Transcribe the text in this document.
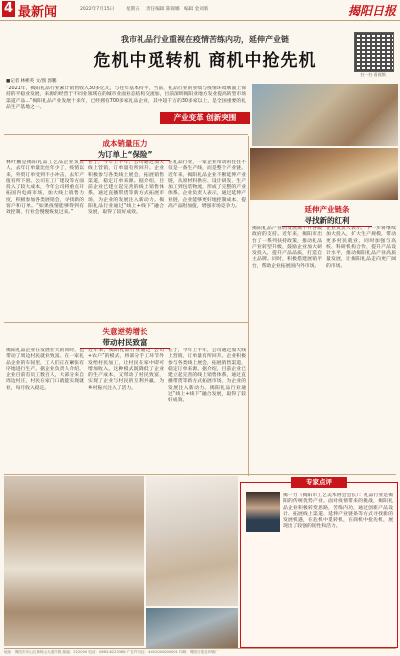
4 最新闻	2022年7月15日	星期五 责任编辑 陈锦娜 编辑 金刘新	揭阳日报
我市礼品行业重视在疫情苦练内功，延伸产业链
危机中觅转机 商机中抢先机
扫一扫 看视频
■记者 林彬英 文/图 郭鹏
“2021年，揭阳礼品行业累计销售收入30多亿元，与往年基本持平，当前，礼品行业的业绩与疫情环境牌面上保持的平稳业发展，来源的经营于不同业领域在的城市业面业态结构交流加，目前深圳揭阳业地方发业提高转型市场渠道产品...”揭阳礼品产业发展十来年，已经拥有700多家礼品企业，其中超千万的30多家以上，是全国重要的礼品生产基地之一。
产业变革 创新突围
成本销量压力
为订单上“保险”
林叶鹏是揭阳礼品工艺品企业负责人，去年订单量比往年少了，疫情以来，外贸订单受到不小冲击，去年产值有所下滑。公司在工厂建设等方面投入了较大成本，今年公司将重点开拓国内电商市场，加大线上销售力度，积极参加各类展销会，寻找新的客户和订单。“如果疫情能够得到有效控制，行业会慢慢恢复过来。”
在于，今年上半年，公司通过加大线上营销，订单量有所回升。企业积极参与各类线上展会，拓展销售渠道，稳定订单来源。据介绍，目前企业已建立起完善的线上销售体系，通过直播带货等新方式拓展市场，为企业的发展注入新动力。揭阳礼品行业通过“线上+线下”融合发展，取得了较好成效。
在礼品行业，一家企业带动的往往不仅是一条生产线，而是整个产业链。近年来，揭阳礼品企业不断延伸产业链，从原材料供应、设计研发、生产加工到包装物流，形成了完整的产业体系。企业负责人表示，通过延伸产业链，企业能够更好地控制成本，提高产品附加值，增强市场竞争力。	延伸产业链条
寻找新的红利
揭阳礼品产业的发展离不开各级政府的支持。近年来，揭阳市出台了一系列扶持政策，推动礼品产业转型升级，鼓励企业加大研发投入，提升产品品质，打造自主品牌。同时，积极搭建展销平台，帮助企业拓展国内外市场。
企业负责人表示，下一步将继续加大投入，扩大生产规模，带动更多村民就业，同时加强与高校、科研机构合作，提升产品设计水平，推动揭阳礼品产业高质量发展，让揭阳礼品走向更广阔的市场。
失意逆势增长
带动村民致富
揭阳礼品企业在发展壮大的同时，也带动了周边村民就业致富。在一家礼品企业的车间里，工人们正在紧张有序地进行生产。据企业负责人介绍，企业目前有员工数百人，大部分来自周边村庄，村民在家门口就能实现就业，每月收入稳定。
近年来，揭阳礼品行业通过“公司+农户”的模式，将部分手工环节外发给村民加工，让村民在家中即可增加收入。这种模式既降低了企业的生产成本，又带动了村民致富，实现了企业与村民的互利共赢，为乡村振兴注入了活力。
在于，今年上半年，公司通过加大线上营销，订单量有所回升。企业积极参与各类线上展会，拓展销售渠道，稳定订单来源。据介绍，目前企业已建立起完善的线上销售体系，通过直播带货等新方式拓展市场，为企业的发展注入新动力。揭阳礼品行业通过“线上+线下”融合发展，取得了较好成效。
专家点评
揭一力（揭阳市工艺美术协会会长）：礼品行业是揭阳的传统优势产业。面对疫情带来的挑战，揭阳礼品企业积极转变思路，苦练内功，通过创新产品设计、拓展线上渠道、延伸产业链条等方式寻找新的发展机遇，在危机中觅转机，在商机中抢先机，展现出了较强的韧性和活力。
地址：揭阳市东山区黄岐山大道中段 邮编：522000 电话：0663-8223388 广告许可证：4452004000001 印刷：揭阳日报社印刷厂
